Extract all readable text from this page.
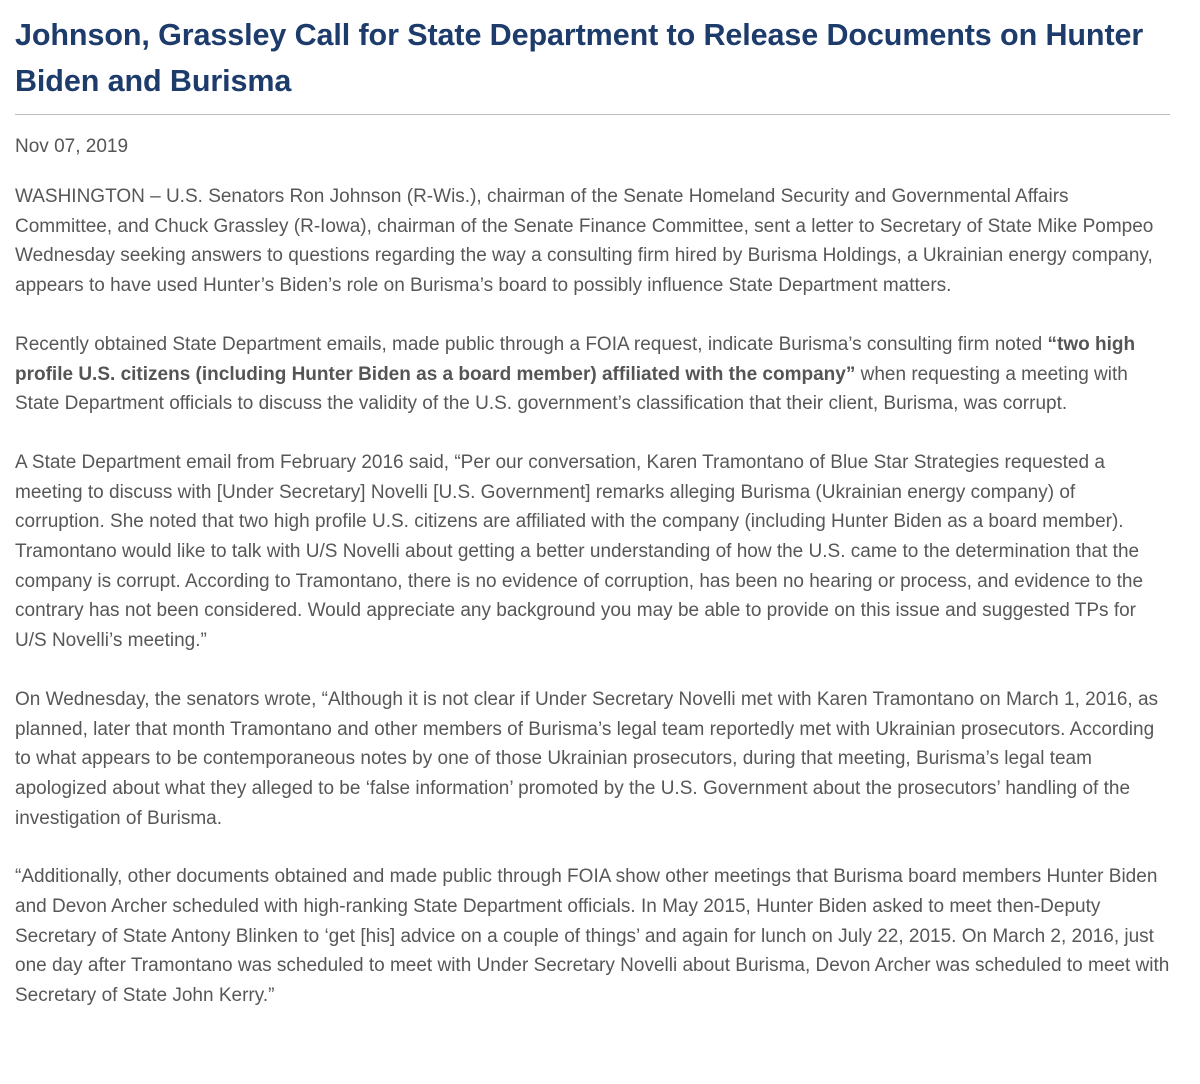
Johnson, Grassley Call for State Department to Release Documents on Hunter Biden and Burisma

Nov 07, 2019

WASHINGTON – U.S. Senators Ron Johnson (R-Wis.), chairman of the Senate Homeland Security and Governmental Affairs Committee, and Chuck Grassley (R-Iowa), chairman of the Senate Finance Committee, sent a letter to Secretary of State Mike Pompeo Wednesday seeking answers to questions regarding the way a consulting firm hired by Burisma Holdings, a Ukrainian energy company, appears to have used Hunter’s Biden’s role on Burisma’s board to possibly influence State Department matters.

Recently obtained State Department emails, made public through a FOIA request, indicate Burisma’s consulting firm noted “two high profile U.S. citizens (including Hunter Biden as a board member) affiliated with the company” when requesting a meeting with State Department officials to discuss the validity of the U.S. government’s classification that their client, Burisma, was corrupt.

A State Department email from February 2016 said, “Per our conversation, Karen Tramontano of Blue Star Strategies requested a meeting to discuss with [Under Secretary] Novelli [U.S. Government] remarks alleging Burisma (Ukrainian energy company) of corruption. She noted that two high profile U.S. citizens are affiliated with the company (including Hunter Biden as a board member). Tramontano would like to talk with U/S Novelli about getting a better understanding of how the U.S. came to the determination that the company is corrupt. According to Tramontano, there is no evidence of corruption, has been no hearing or process, and evidence to the contrary has not been considered. Would appreciate any background you may be able to provide on this issue and suggested TPs for U/S Novelli’s meeting.”

On Wednesday, the senators wrote, “Although it is not clear if Under Secretary Novelli met with Karen Tramontano on March 1, 2016, as planned, later that month Tramontano and other members of Burisma’s legal team reportedly met with Ukrainian prosecutors. According to what appears to be contemporaneous notes by one of those Ukrainian prosecutors, during that meeting, Burisma’s legal team apologized about what they alleged to be ‘false information’ promoted by the U.S. Government about the prosecutors’ handling of the investigation of Burisma.

“Additionally, other documents obtained and made public through FOIA show other meetings that Burisma board members Hunter Biden and Devon Archer scheduled with high-ranking State Department officials. In May 2015, Hunter Biden asked to meet then-Deputy Secretary of State Antony Blinken to ‘get [his] advice on a couple of things’ and again for lunch on July 22, 2015. On March 2, 2016, just one day after Tramontano was scheduled to meet with Under Secretary Novelli about Burisma, Devon Archer was scheduled to meet with Secretary of State John Kerry.”
